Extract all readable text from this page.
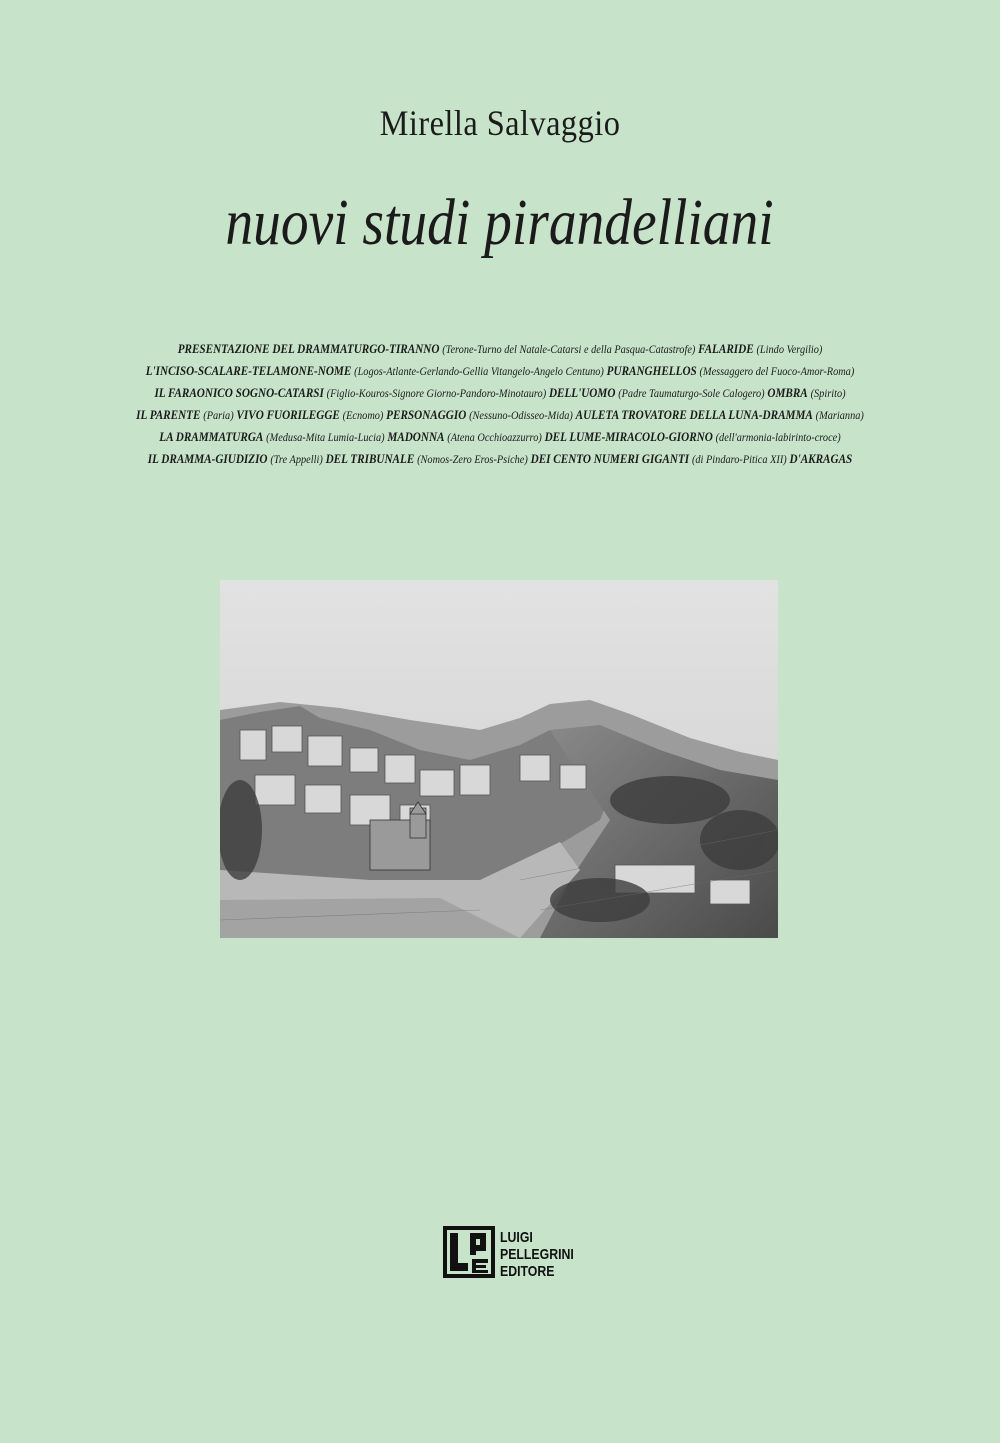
Mirella Salvaggio
nuovi studi pirandelliani
PRESENTAZIONE DEL DRAMMATURGO-TIRANNO (Terone-Turno del Natale-Catarsi e della Pasqua-Catastrofe) FALARIDE (Lindo Vergilio)
L'INCISO-SCALARE-TELAMONE-NOME (Logos-Atlante-Gerlando-Gellia Vitangelo-Angelo Centuno) PURANGHELLOS (Messaggero del Fuoco-Amor-Roma)
IL FARAONICO SOGNO-CATARSI (Figlio-Kouros-Signore Giorno-Pandoro-Minotauro) DELL'UOMO (Padre Taumaturgo-Sole Calogero) OMBRA (Spirito)
IL PARENTE (Paria) VIVO FUORILEGGE (Ecnomo) PERSONAGGIO (Nessuno-Odisseo-Mida) AULETA TROVATORE DELLA LUNA-DRAMMA (Marianna)
LA DRAMMATURGA (Medusa-Mita Lumia-Lucia) MADONNA (Atena Occhioazzurro) DEL LUME-MIRACOLO-GIORNO (dell'armonia-labirinto-croce)
IL DRAMMA-GIUDIZIO (Tre Appelli) DEL TRIBUNALE (Nomos-Zero Eros-Psiche) DEI CENTO NUMERI GIGANTI (di Pindaro-Pitica XII) D'AKRAGAS
LUIGI
PELLEGRINI
EDITORE
